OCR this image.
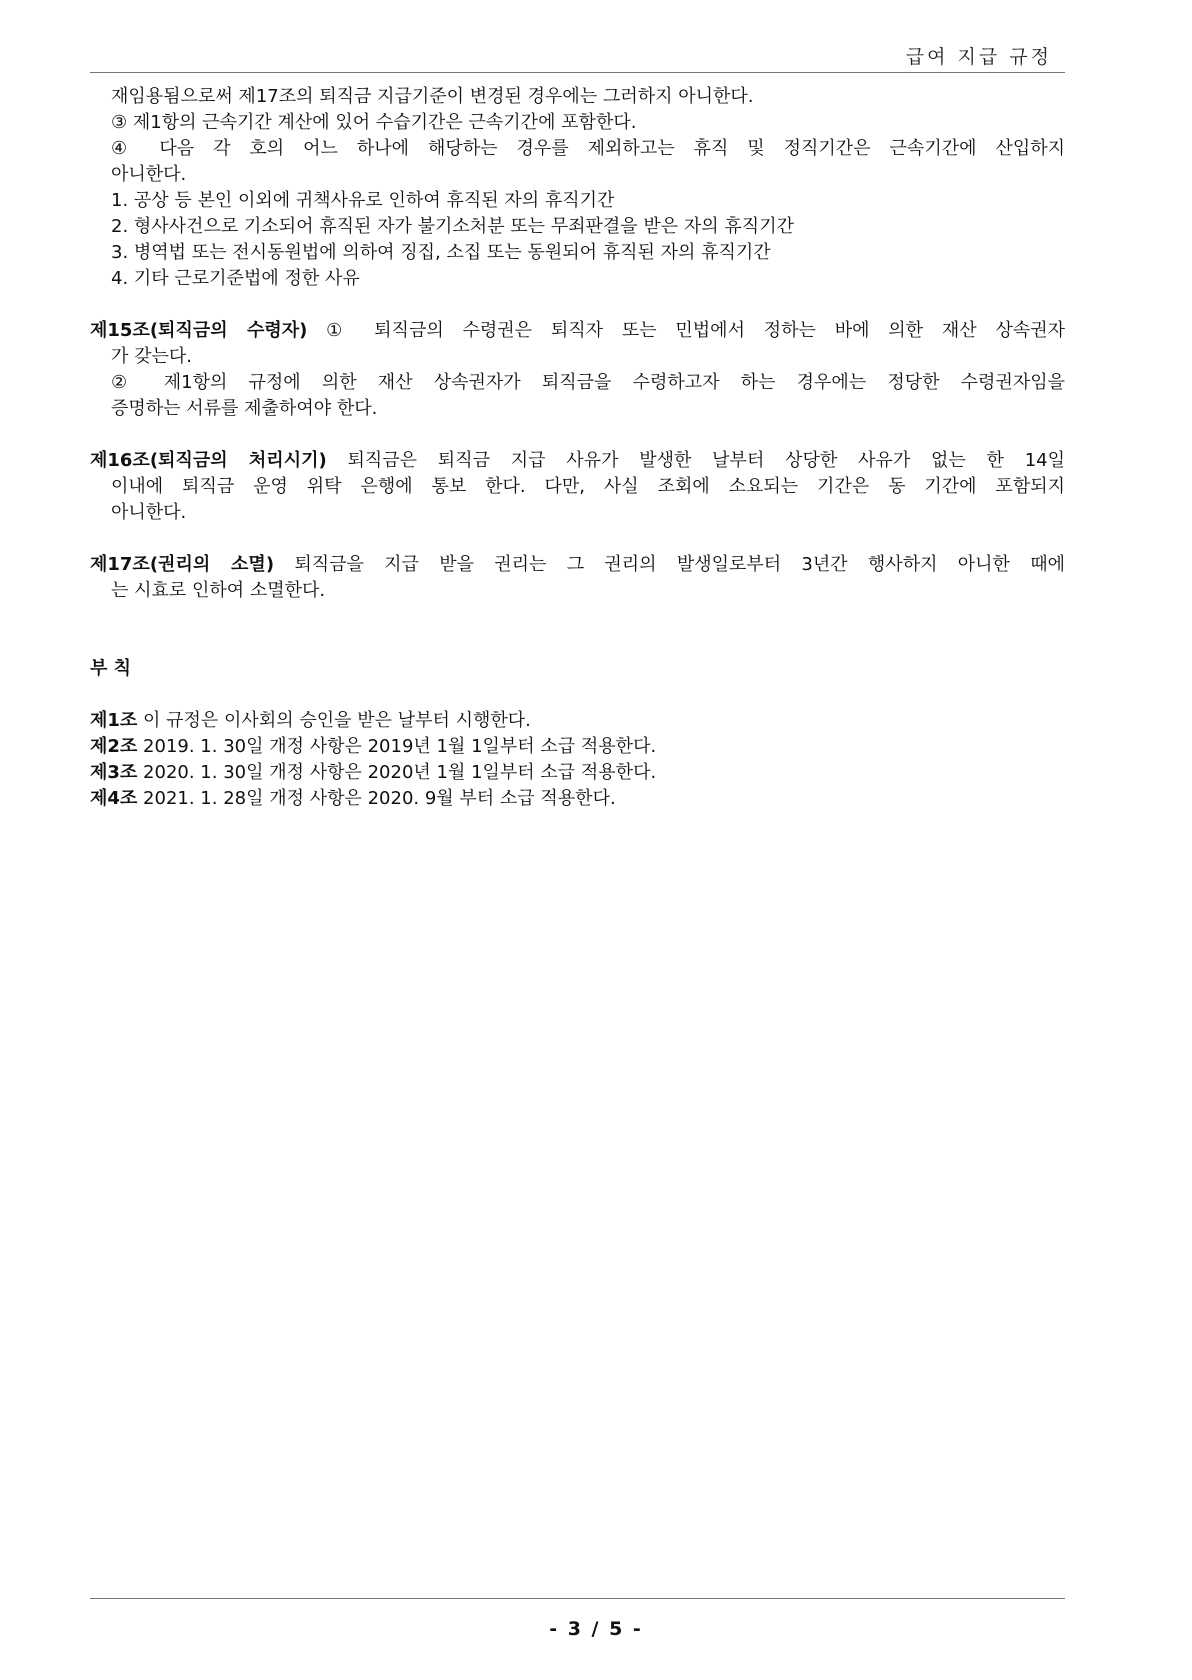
급여 지급 규정
재임용됨으로써 제17조의 퇴직금 지급기준이 변경된 경우에는 그러하지 아니한다.
③ 제1항의 근속기간 계산에 있어 수습기간은 근속기간에 포함한다.
④ 다음 각 호의 어느 하나에 해당하는 경우를 제외하고는 휴직 및 정직기간은 근속기간에 산입하지
아니한다.
1. 공상 등 본인 이외에 귀책사유로 인하여 휴직된 자의 휴직기간
2. 형사사건으로 기소되어 휴직된 자가 불기소처분 또는 무죄판결을 받은 자의 휴직기간
3. 병역법 또는 전시동원법에 의하여 징집, 소집 또는 동원되어 휴직된 자의 휴직기간
4. 기타 근로기준법에 정한 사유
제15조(퇴직금의 수령자) ① 퇴직금의 수령권은 퇴직자 또는 민법에서 정하는 바에 의한 재산 상속권자
가 갖는다.
② 제1항의 규정에 의한 재산 상속권자가 퇴직금을 수령하고자 하는 경우에는 정당한 수령권자임을
증명하는 서류를 제출하여야 한다.
제16조(퇴직금의 처리시기) 퇴직금은 퇴직금 지급 사유가 발생한 날부터 상당한 사유가 없는 한 14일
이내에 퇴직금 운영 위탁 은행에 통보 한다. 다만, 사실 조회에 소요되는 기간은 동 기간에 포함되지
아니한다.
제17조(권리의 소멸) 퇴직금을 지급 받을 권리는 그 권리의 발생일로부터 3년간 행사하지 아니한 때에
는 시효로 인하여 소멸한다.
부 칙
제1조 이 규정은 이사회의 승인을 받은 날부터 시행한다.
제2조 2019. 1. 30일 개정 사항은 2019년 1월 1일부터 소급 적용한다.
제3조 2020. 1. 30일 개정 사항은 2020년 1월 1일부터 소급 적용한다.
제4조 2021. 1. 28일 개정 사항은 2020. 9월 부터 소급 적용한다.
- 3 / 5 -
